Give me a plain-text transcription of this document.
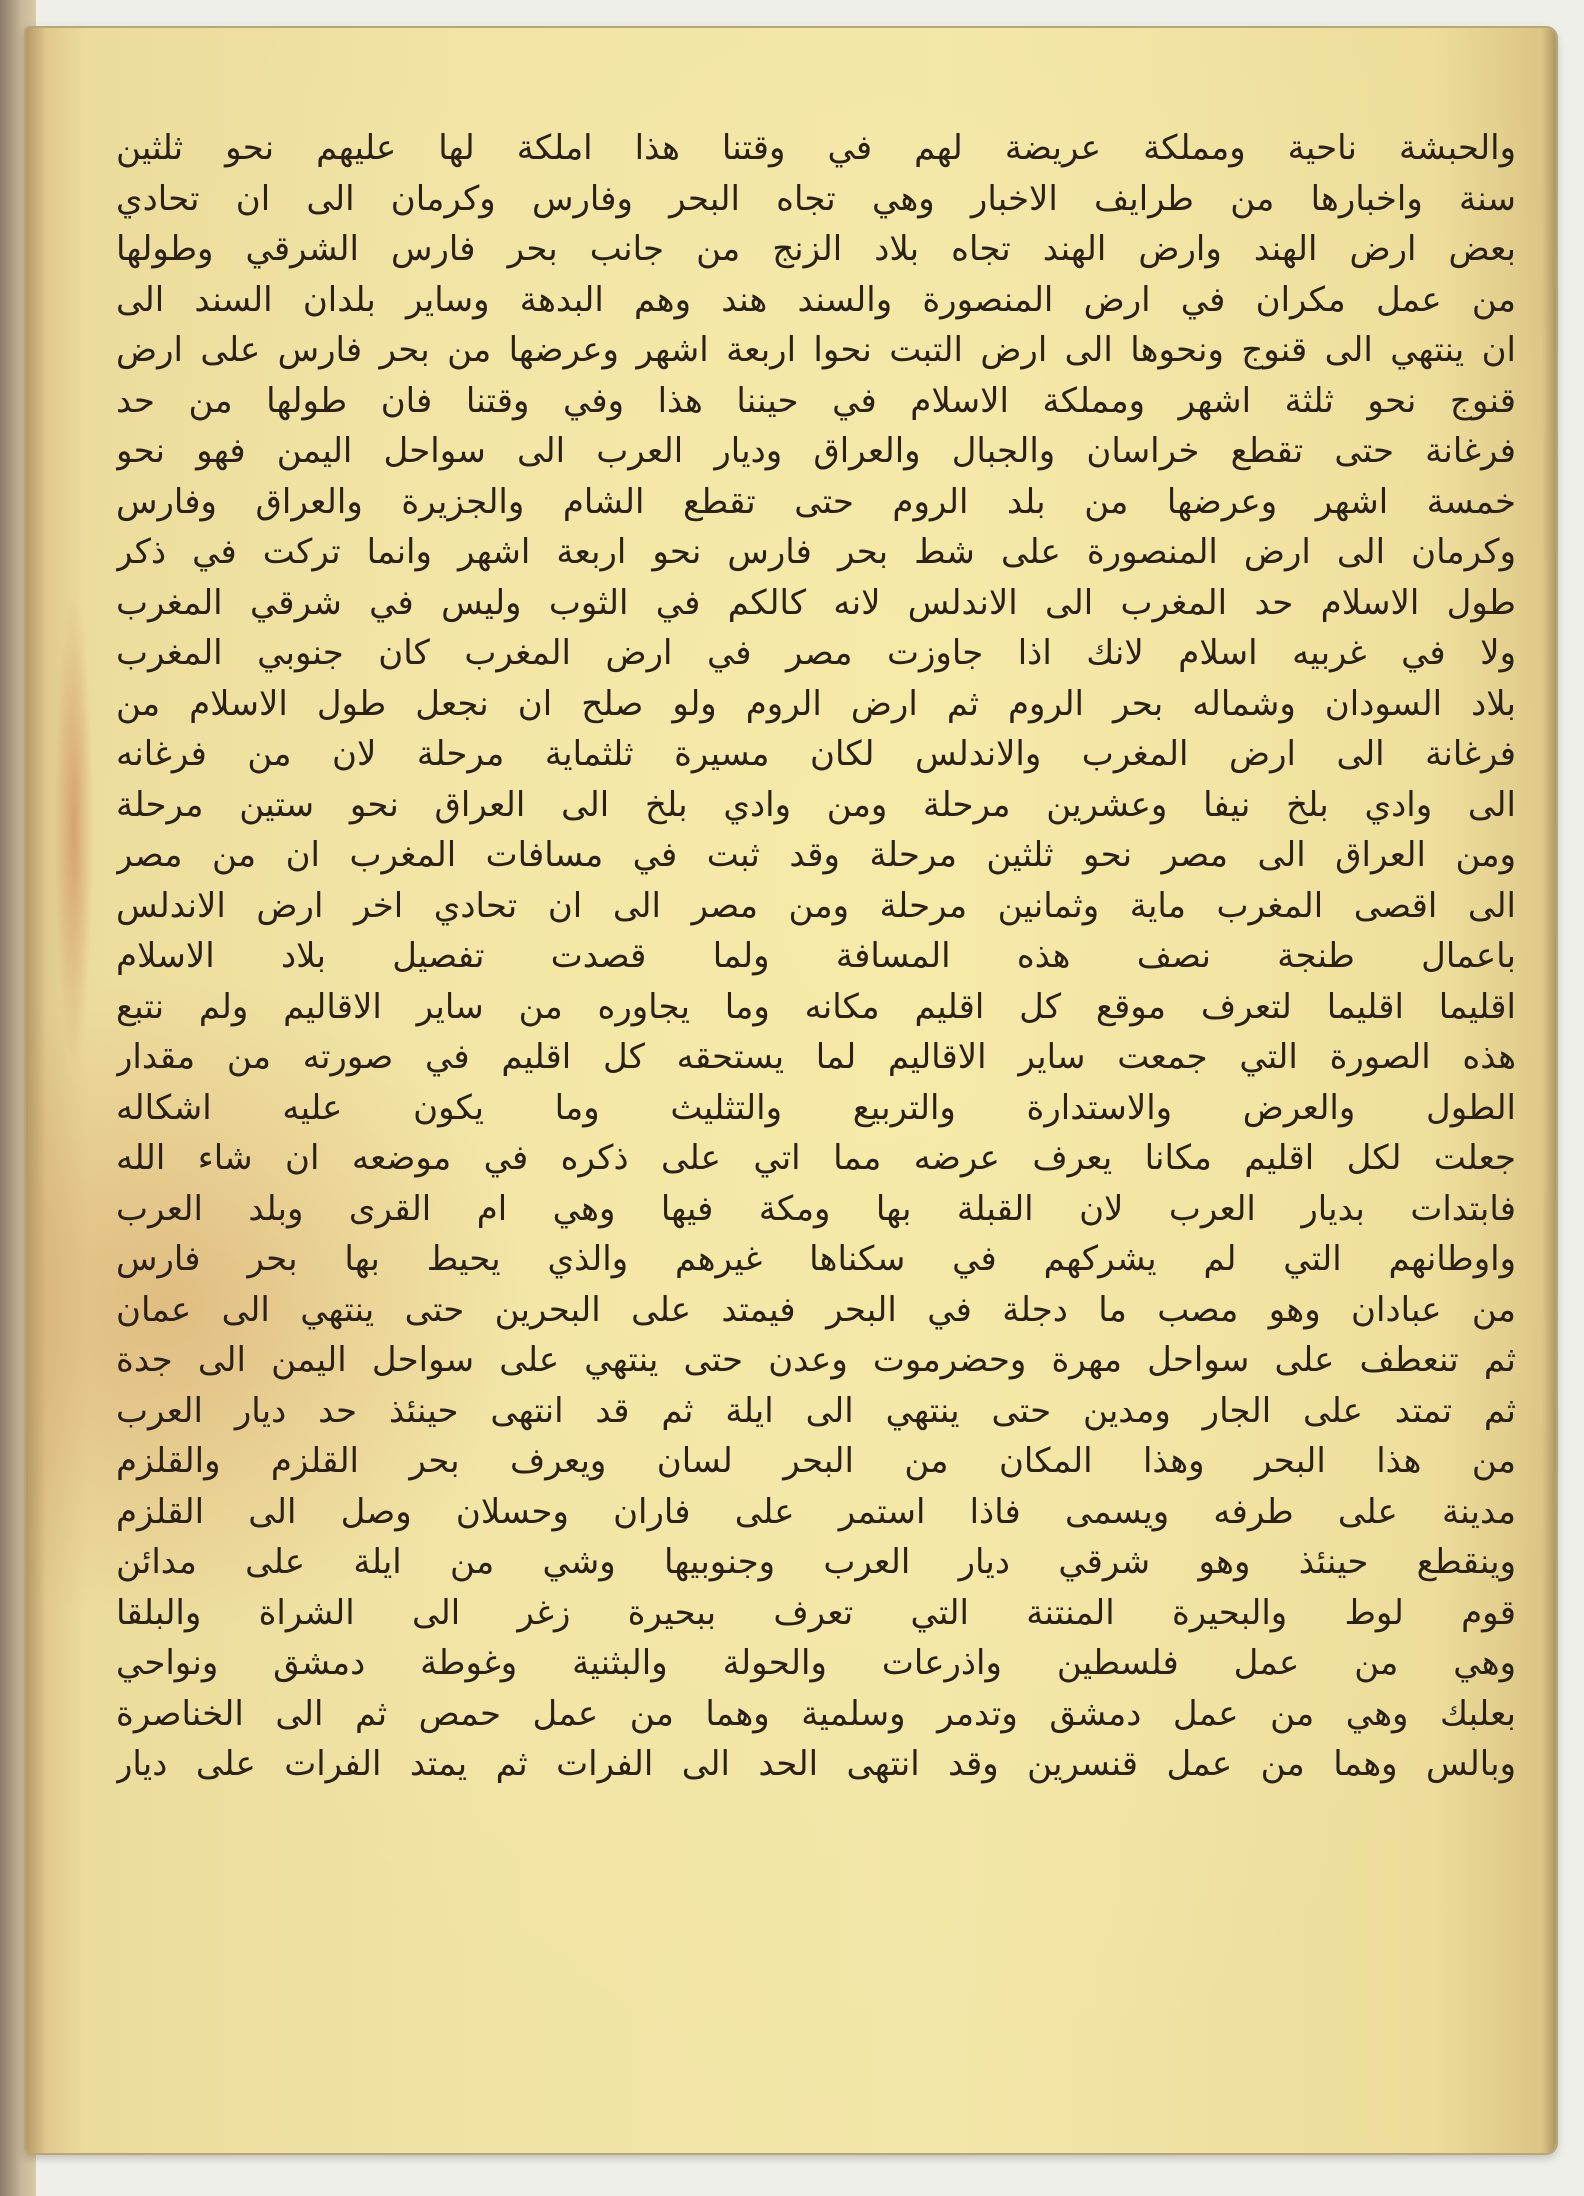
والحبشة ناحية ومملكة عريضة لهم في وقتنا هذا املكة لها عليهم نحو ثلثين
سنة واخبارها من طرايف الاخبار وهي تجاه البحر وفارس وكرمان الى ان تحادي
بعض ارض الهند وارض الهند تجاه بلاد الزنج من جانب بحر فارس الشرقي وطولها
من عمل مكران في ارض المنصورة والسند هند وهم البدهة وساير بلدان السند الى
ان ينتهي الى قنوج ونحوها الى ارض التبت نحوا اربعة اشهر وعرضها من بحر فارس على ارض
قنوج نحو ثلثة اشهر ومملكة الاسلام في حيننا هذا وفي وقتنا فان طولها من حد
فرغانة حتى تقطع خراسان والجبال والعراق وديار العرب الى سواحل اليمن فهو نحو
خمسة اشهر وعرضها من بلد الروم حتى تقطع الشام والجزيرة والعراق وفارس
وكرمان الى ارض المنصورة على شط بحر فارس نحو اربعة اشهر وانما تركت في ذكر
طول الاسلام حد المغرب الى الاندلس لانه كالكم في الثوب وليس في شرقي المغرب
ولا في غربيه اسلام لانك اذا جاوزت مصر في ارض المغرب كان جنوبي المغرب
بلاد السودان وشماله بحر الروم ثم ارض الروم ولو صلح ان نجعل طول الاسلام من
فرغانة الى ارض المغرب والاندلس لكان مسيرة ثلثماية مرحلة لان من فرغانه
الى وادي بلخ نيفا وعشرين مرحلة ومن وادي بلخ الى العراق نحو ستين مرحلة
ومن العراق الى مصر نحو ثلثين مرحلة وقد ثبت في مسافات المغرب ان من مصر
الى اقصى المغرب ماية وثمانين مرحلة ومن مصر الى ان تحادي اخر ارض الاندلس
باعمال طنجة نصف هذه المسافة ولما قصدت تفصيل بلاد الاسلام
اقليما اقليما لتعرف موقع كل اقليم مكانه وما يجاوره من ساير الاقاليم ولم نتبع
هذه الصورة التي جمعت ساير الاقاليم لما يستحقه كل اقليم في صورته من مقدار
الطول والعرض والاستدارة والتربيع والتثليث وما يكون عليه اشكاله
جعلت لكل اقليم مكانا يعرف عرضه مما اتي على ذكره في موضعه ان شاء الله
فابتدات بديار العرب لان القبلة بها ومكة فيها وهي ام القرى وبلد العرب
واوطانهم التي لم يشركهم في سكناها غيرهم والذي يحيط بها بحر فارس
من عبادان وهو مصب ما دجلة في البحر فيمتد على البحرين حتى ينتهي الى عمان
ثم تنعطف على سواحل مهرة وحضرموت وعدن حتى ينتهي على سواحل اليمن الى جدة
ثم تمتد على الجار ومدين حتى ينتهي الى ايلة ثم قد انتهى حينئذ حد ديار العرب
من هذا البحر وهذا المكان من البحر لسان ويعرف بحر القلزم والقلزم
مدينة على طرفه ويسمى فاذا استمر على فاران وحسلان وصل الى القلزم
وينقطع حينئذ وهو شرقي ديار العرب وجنوبيها وشي من ايلة على مدائن
قوم لوط والبحيرة المنتنة التي تعرف ببحيرة زغر الى الشراة والبلقا
وهي من عمل فلسطين واذرعات والحولة والبثنية وغوطة دمشق ونواحي
بعلبك وهي من عمل دمشق وتدمر وسلمية وهما من عمل حمص ثم الى الخناصرة
وبالس وهما من عمل قنسرين وقد انتهى الحد الى الفرات ثم يمتد الفرات على ديار
